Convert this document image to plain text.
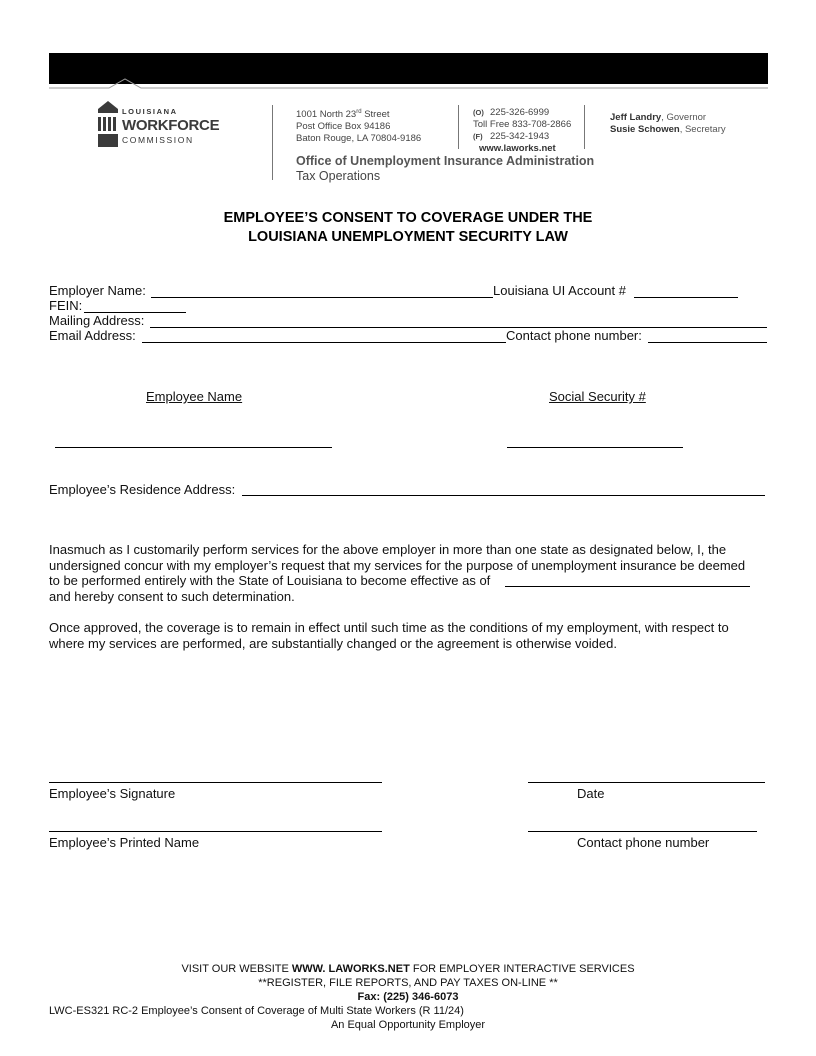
LOUISIANA
WORKFORCE
COMMISSION
1001 North 23rd Street
Post Office Box 94186
Baton Rouge, LA 70804-9186
(O) 225-326-6999
Toll Free 833-708-2866
(F) 225-342-1943
www.laworks.net
Jeff Landry, Governor
Susie Schowen, Secretary
Office of Unemployment Insurance Administration
Tax Operations
EMPLOYEE’S CONSENT TO COVERAGE UNDER THE
LOUISIANA UNEMPLOYMENT SECURITY LAW
Employer Name:	Louisiana UI Account #
FEIN:
Mailing Address:
Email Address:	Contact phone number:
Employee Name	Social Security #
Employee’s Residence Address:
Inasmuch as I customarily perform services for the above employer in more than one state as designated below, I, the
undersigned concur with my employer’s request that my services for the purpose of unemployment insurance be deemed
to be performed entirely with the State of Louisiana to become effective as of
and hereby consent to such determination.
Once approved, the coverage is to remain in effect until such time as the conditions of my employment, with respect to
where my services are performed, are substantially changed or the agreement is otherwise voided.
Employee’s Signature	Date
Employee’s Printed Name	Contact phone number
VISIT OUR WEBSITE WWW. LAWORKS.NET FOR EMPLOYER INTERACTIVE SERVICES
**REGISTER, FILE REPORTS, AND PAY TAXES ON-LINE **
Fax: (225) 346-6073
LWC-ES321 RC-2 Employee’s Consent of Coverage of Multi State Workers (R 11/24)
An Equal Opportunity Employer
